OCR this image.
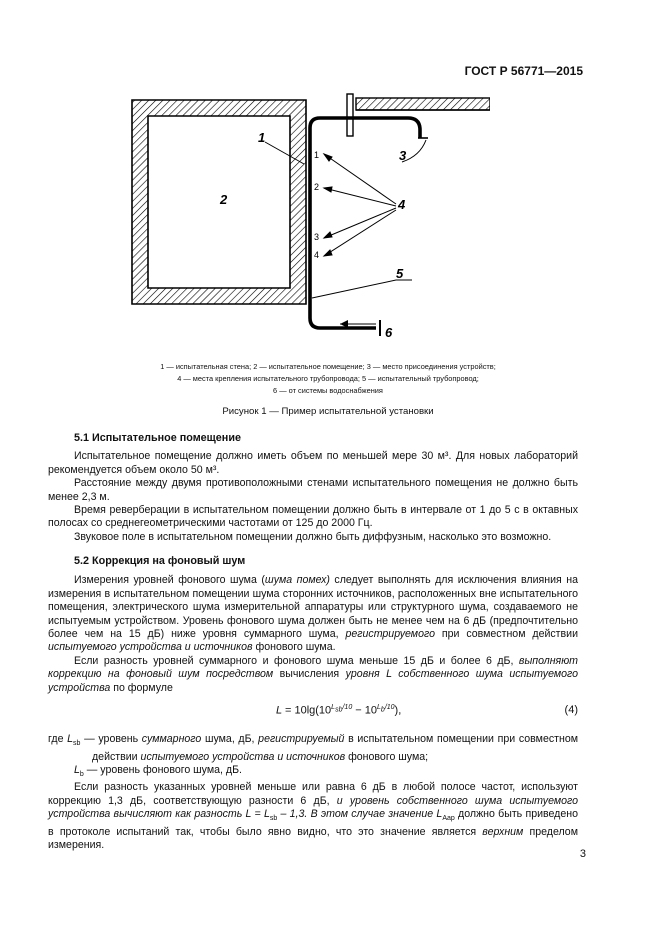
ГОСТ Р 56771—2015
1
2
3
4
5
6
1
2
3
4
1 — испытательная стена; 2 — испытательное помещение; 3 — место присоединения устройств;
4 — места крепления испытательного трубопровода; 5 — испытательный трубопровод;
6 — от системы водоснабжения
Рисунок 1 — Пример испытательной установки

5.1 Испытательное помещение

Испытательное помещение должно иметь объем по меньшей мере 30 м³. Для новых лабораторий рекомендуется объем около 50 м³.

Расстояние между двумя противоположными стенами испытательного помещения не должно быть менее 2,3 м.

Время реверберации в испытательном помещении должно быть в интервале от 1 до 5 с в октавных полосах со среднегеометрическими частотами от 125 до 2000 Гц.

Звуковое поле в испытательном помещении должно быть диффузным, насколько это возможно.

5.2 Коррекция на фоновый шум

Измерения уровней фонового шума (шума помех) следует выполнять для исключения влияния на измерения в испытательном помещении шума сторонних источников, расположенных вне испытательного помещения, электрического шума измерительной аппаратуры или структурного шума, создаваемого не испытуемым устройством. Уровень фонового шума должен быть не менее чем на 6 дБ (предпочтительно более чем на 15 дБ) ниже уровня суммарного шума, регистрируемого при совместном действии испытуемого устройства и источников фонового шума.

Если разность уровней суммарного и фонового шума меньше 15 дБ и более 6 дБ, выполняют коррекцию на фоновый шум посредством вычисления уровня L собственного шума испытуемого устройства по формуле

$L = 10\lg(10^{L_{sb}/10} - 10^{L_b/10})$,	(4)

где $L_{sb}$ — уровень суммарного шума, дБ, регистрируемый в испытательном помещении при совместном действии испытуемого устройства и источников фонового шума;

$L_b$ — уровень фонового шума, дБ.

Если разность указанных уровней меньше или равна 6 дБ в любой полосе частот, используют коррекцию 1,3 дБ, соответствующую разности 6 дБ, и уровень собственного шума испытуемого устройства вычисляют как разность $L = L_{sb} - 1,3$. В этом случае значение $L_{Aap}$ должно быть приведено в протоколе испытаний так, чтобы было явно видно, что это значение является верхним пределом измерения.

3
